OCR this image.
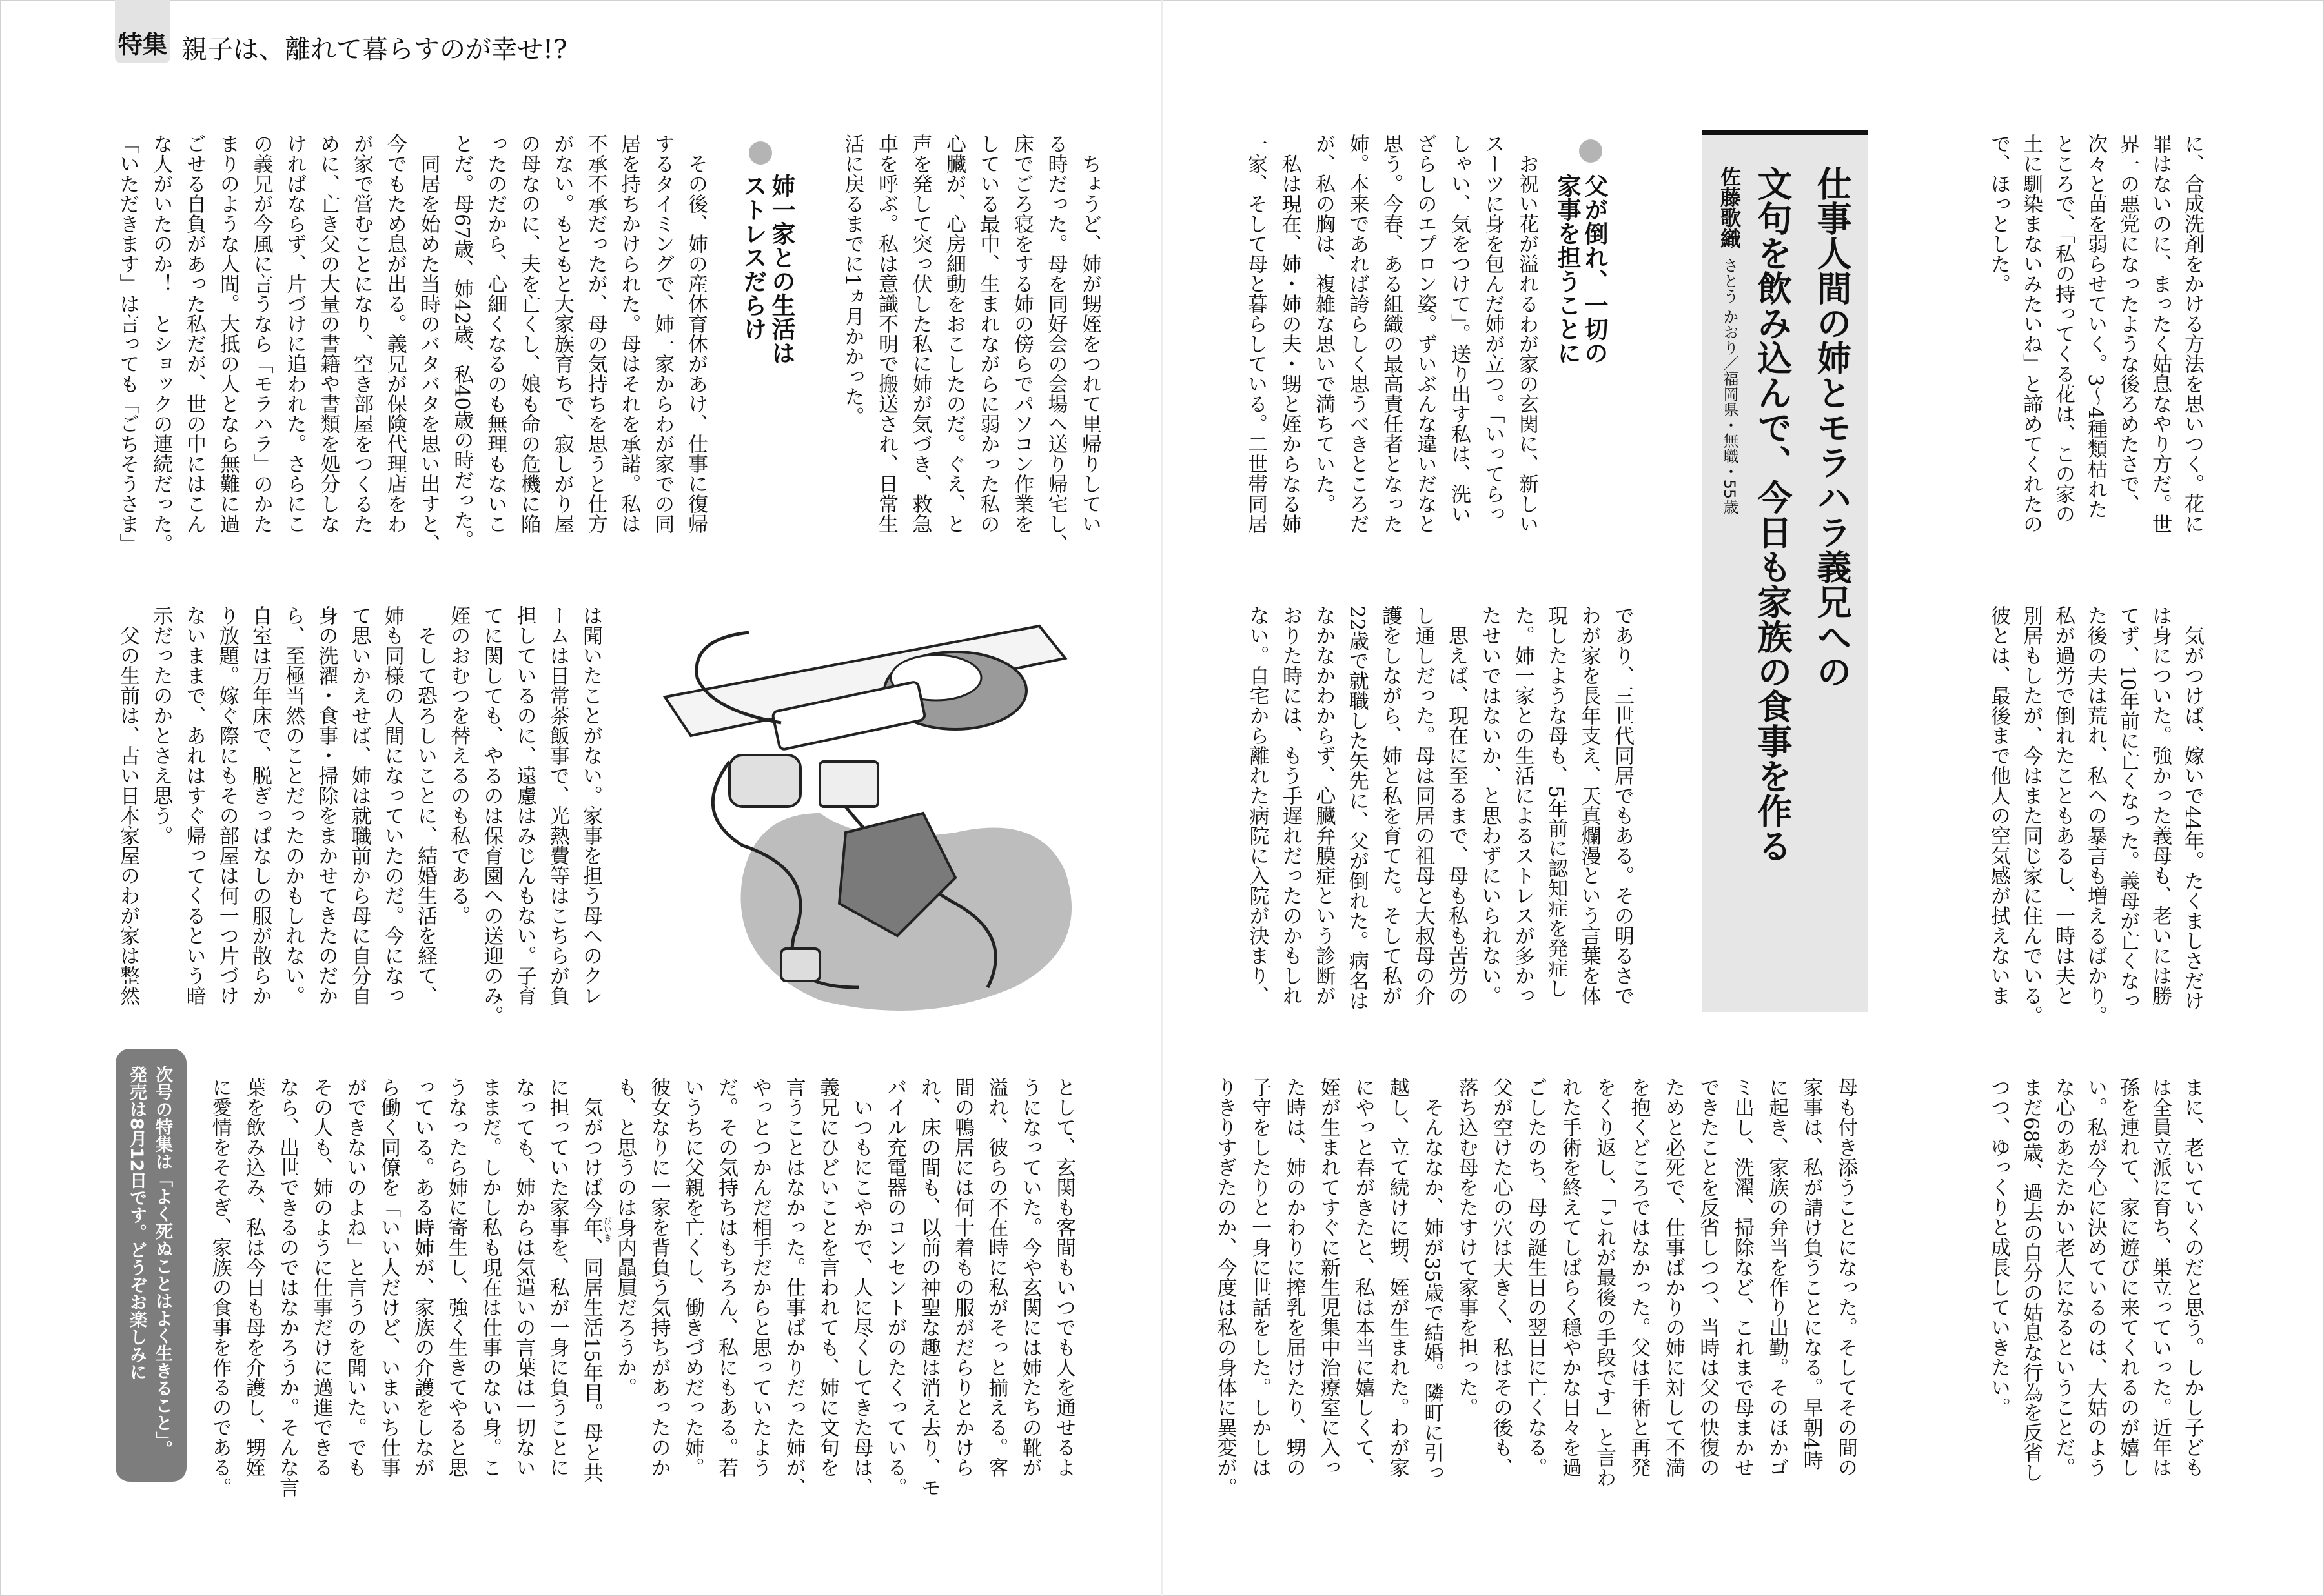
特集 親子は、離れて暮らすのが幸せ!?
に、合成洗剤をかける方法を思いつく。花に
罪はないのに、まったく姑息なやり方だ。世
界一の悪党になったような後ろめたさで、
次々と苗を弱らせていく。3〜4種類枯れた
ところで、「私の持ってくる花は、この家の
土に馴染まないみたいね」と諦めてくれたの
で、ほっとした。
　気がつけば、嫁いで44年。たくましさだけ
は身についた。強かった義母も、老いには勝
てず、10年前に亡くなった。義母が亡くなっ
た後の夫は荒れ、私への暴言も増えるばかり。
私が過労で倒れたこともあるし、一時は夫と
別居もしたが、今はまた同じ家に住んでいる。
彼とは、最後まで他人の空気感が拭えないま
まに、老いていくのだと思う。しかし子ども
は全員立派に育ち、巣立っていった。近年は
孫を連れて、家に遊びに来てくれるのが嬉し
い。私が今心に決めているのは、大姑のよう
な心のあたたかい老人になるということだ。
まだ68歳、過去の自分の姑息な行為を反省し
つつ、ゆっくりと成長していきたい。
仕事人間の姉とモラハラ義兄への
文句を飲み込んで、今日も家族の食事を作る
佐藤歌織さとう かおり／福岡県・無職・55歳
父が倒れ、一切の
家事を担うことに
　お祝い花が溢れるわが家の玄関に、新しい
スーツに身を包んだ姉が立つ。「いってらっ
しゃい、気をつけて」。送り出す私は、洗い
ざらしのエプロン姿。ずいぶんな違いだなと
思う。今春、ある組織の最高責任者となった
姉。本来であれば誇らしく思うべきところだ
が、私の胸は、複雑な思いで満ちていた。
　私は現在、姉・姉の夫・甥と姪からなる姉
一家、そして母と暮らしている。二世帯同居
であり、三世代同居でもある。その明るさで
わが家を長年支え、天真爛漫という言葉を体
現したような母も、5年前に認知症を発症し
た。姉一家との生活によるストレスが多かっ
たせいではないか、と思わずにいられない。
　思えば、現在に至るまで、母も私も苦労の
し通しだった。母は同居の祖母と大叔母の介
護をしながら、姉と私を育てた。そして私が
22歳で就職した矢先に、父が倒れた。病名は
なかなかわからず、心臓弁膜症という診断が
おりた時には、もう手遅れだったのかもしれ
ない。自宅から離れた病院に入院が決まり、
母も付き添うことになった。そしてその間の
家事は、私が請け負うことになる。早朝4時
に起き、家族の弁当を作り出勤。そのほかゴ
ミ出し、洗濯、掃除など、これまで母まかせ
できたことを反省しつつ、当時は父の快復の
ためと必死で、仕事ばかりの姉に対して不満
を抱くどころではなかった。父は手術と再発
をくり返し、「これが最後の手段です」と言わ
れた手術を終えてしばらく穏やかな日々を過
ごしたのち、母の誕生日の翌日に亡くなる。
父が空けた心の穴は大きく、私はその後も、
落ち込む母をたすけて家事を担った。
　そんななか、姉が35歳で結婚。隣町に引っ
越し、立て続けに甥、姪が生まれた。わが家
にやっと春がきたと、私は本当に嬉しくて、
姪が生まれてすぐに新生児集中治療室に入っ
た時は、姉のかわりに搾乳を届けたり、甥の
子守をしたりと一身に世話をした。しかしは
りきりすぎたのか、今度は私の身体に異変が。
　ちょうど、姉が甥姪をつれて里帰りしてい
る時だった。母を同好会の会場へ送り帰宅し、
床でごろ寝をする姉の傍らでパソコン作業を
している最中、生まれながらに弱かった私の
心臓が、心房細動をおこしたのだ。ぐえ、と
声を発して突っ伏した私に姉が気づき、救急
車を呼ぶ。私は意識不明で搬送され、日常生
活に戻るまでに1ヵ月かかった。
姉一家との生活は
ストレスだらけ
　その後、姉の産休育休があけ、仕事に復帰
するタイミングで、姉一家からわが家での同
居を持ちかけられた。母はそれを承諾。私は
不承不承だったが、母の気持ちを思うと仕方
がない。もともと大家族育ちで、寂しがり屋
の母なのに、夫を亡くし、娘も命の危機に陥
ったのだから、心細くなるのも無理もないこ
とだ。母67歳、姉42歳、私40歳の時だった。
　同居を始めた当時のバタバタを思い出すと、
今でもため息が出る。義兄が保険代理店をわ
が家で営むことになり、空き部屋をつくるた
めに、亡き父の大量の書籍や書類を処分しな
ければならず、片づけに追われた。さらにこ
の義兄が今風に言うなら「モラハラ」のかた
まりのような人間。大抵の人となら無難に過
ごせる自負があった私だが、世の中にはこん
な人がいたのか！　とショックの連続だった。
「いただきます」は言っても「ごちそうさま」
は聞いたことがない。家事を担う母へのクレ
ームは日常茶飯事で、光熱費等はこちらが負
担しているのに、遠慮はみじんもない。子育
てに関しても、やるのは保育園への送迎のみ。
姪のおむつを替えるのも私である。
　そして恐ろしいことに、結婚生活を経て、
姉も同様の人間になっていたのだ。今になっ
て思いかえせば、姉は就職前から母に自分自
身の洗濯・食事・掃除をまかせてきたのだか
ら、至極当然のことだったのかもしれない。
自室は万年床で、脱ぎっぱなしの服が散らか
り放題。嫁ぐ際にもその部屋は何一つ片づけ
ないままで、あれはすぐ帰ってくるという暗
示だったのかとさえ思う。
　父の生前は、古い日本家屋のわが家は整然
として、玄関も客間もいつでも人を通せるよ
うになっていた。今や玄関には姉たちの靴が
溢れ、彼らの不在時に私がそっと揃える。客
間の鴨居には何十着もの服がだらりとかけら
れ、床の間も、以前の神聖な趣は消え去り、モ
バイル充電器のコンセントがのたくっている。
　いつもにこやかで、人に尽くしてきた母は、
義兄にひどいことを言われても、姉に文句を
言うことはなかった。仕事ばかりだった姉が、
やっとつかんだ相手だからと思っていたよう
だ。その気持ちはもちろん、私にもある。若
いうちに父親を亡くし、働きづめだった姉。
彼女なりに一家を背負う気持ちがあったのか
も、と思うのは身内贔屓だろうか。
　気がつけば今年、同居生活15年目。母と共
に担っていた家事を、私が一身に負うことに
なっても、姉からは気遣いの言葉は一切ない
ままだ。しかし私も現在は仕事のない身。こ
うなったら姉に寄生し、強く生きてやると思
っている。ある時姉が、家族の介護をしなが
ら働く同僚を「いい人だけど、いまいち仕事
ができないのよね」と言うのを聞いた。でも
その人も、姉のように仕事だけに邁進できる
なら、出世できるのではなかろうか。そんな言
葉を飲み込み、私は今日も母を介護し、甥姪
に愛情をそそぎ、家族の食事を作るのである。	びいき
次号の特集は「よく死ぬことはよく生きること」。
発売は8月12日です。どうぞお楽しみに
